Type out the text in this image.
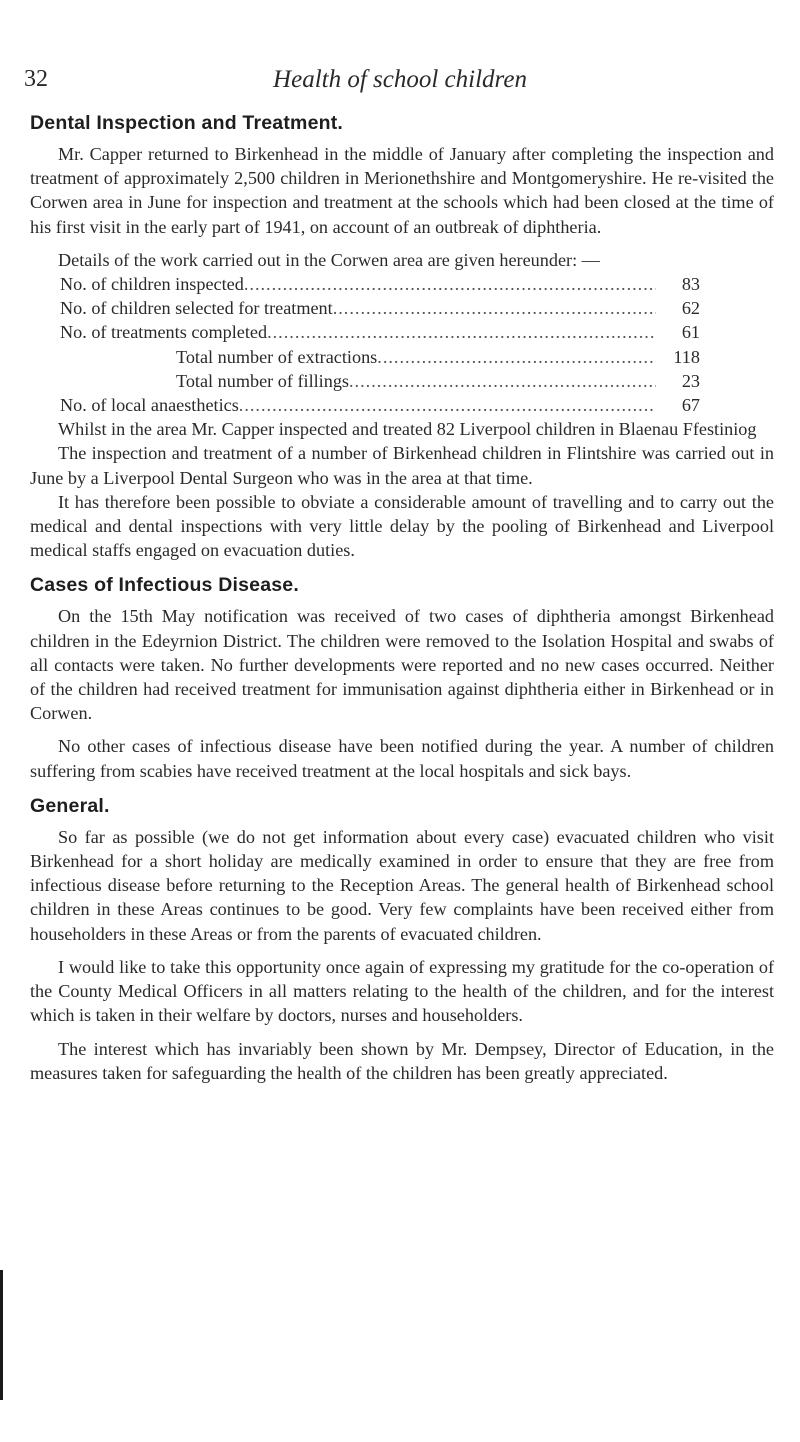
32	Health of school children
Dental Inspection and Treatment.

Mr. Capper returned to Birkenhead in the middle of January after completing the inspection and treatment of approximately 2,500 children in Merionethshire and Montgomeryshire. He re-visited the Corwen area in June for inspection and treatment at the schools which had been closed at the time of his first visit in the early part of 1941, on account of an outbreak of diphtheria.

Details of the work carried out in the Corwen area are given hereunder: —

No. of children inspected .....	83
No. of children selected for treatment .....	62
No. of treatments completed .....	61
Total number of extractions .....	118
Total number of fillings .....	23
No. of local anaesthetics .....	67

Whilst in the area Mr. Capper inspected and treated 82 Liverpool children in Blaenau Ffestiniog

The inspection and treatment of a number of Birkenhead children in Flintshire was carried out in June by a Liverpool Dental Surgeon who was in the area at that time.

It has therefore been possible to obviate a considerable amount of travelling and to carry out the medical and dental inspections with very little delay by the pooling of Birkenhead and Liverpool medical staffs engaged on evacuation duties.

Cases of Infectious Disease.

On the 15th May notification was received of two cases of diphtheria amongst Birkenhead children in the Edeyrnion District. The children were removed to the Isolation Hospital and swabs of all contacts were taken. No further developments were reported and no new cases occurred. Neither of the children had received treatment for immunisation against diphtheria either in Birkenhead or in Corwen.

No other cases of infectious disease have been notified during the year. A number of children suffering from scabies have received treatment at the local hospitals and sick bays.

General.

So far as possible (we do not get information about every case) evacuated children who visit Birkenhead for a short holiday are medically examined in order to ensure that they are free from infectious disease before returning to the Reception Areas. The general health of Birkenhead school children in these Areas continues to be good. Very few complaints have been received either from householders in these Areas or from the parents of evacuated children.

I would like to take this opportunity once again of expressing my gratitude for the co-operation of the County Medical Officers in all matters relating to the health of the children, and for the interest which is taken in their welfare by doctors, nurses and householders.

The interest which has invariably been shown by Mr. Dempsey, Director of Education, in the measures taken for safeguarding the health of the children has been greatly appreciated.
